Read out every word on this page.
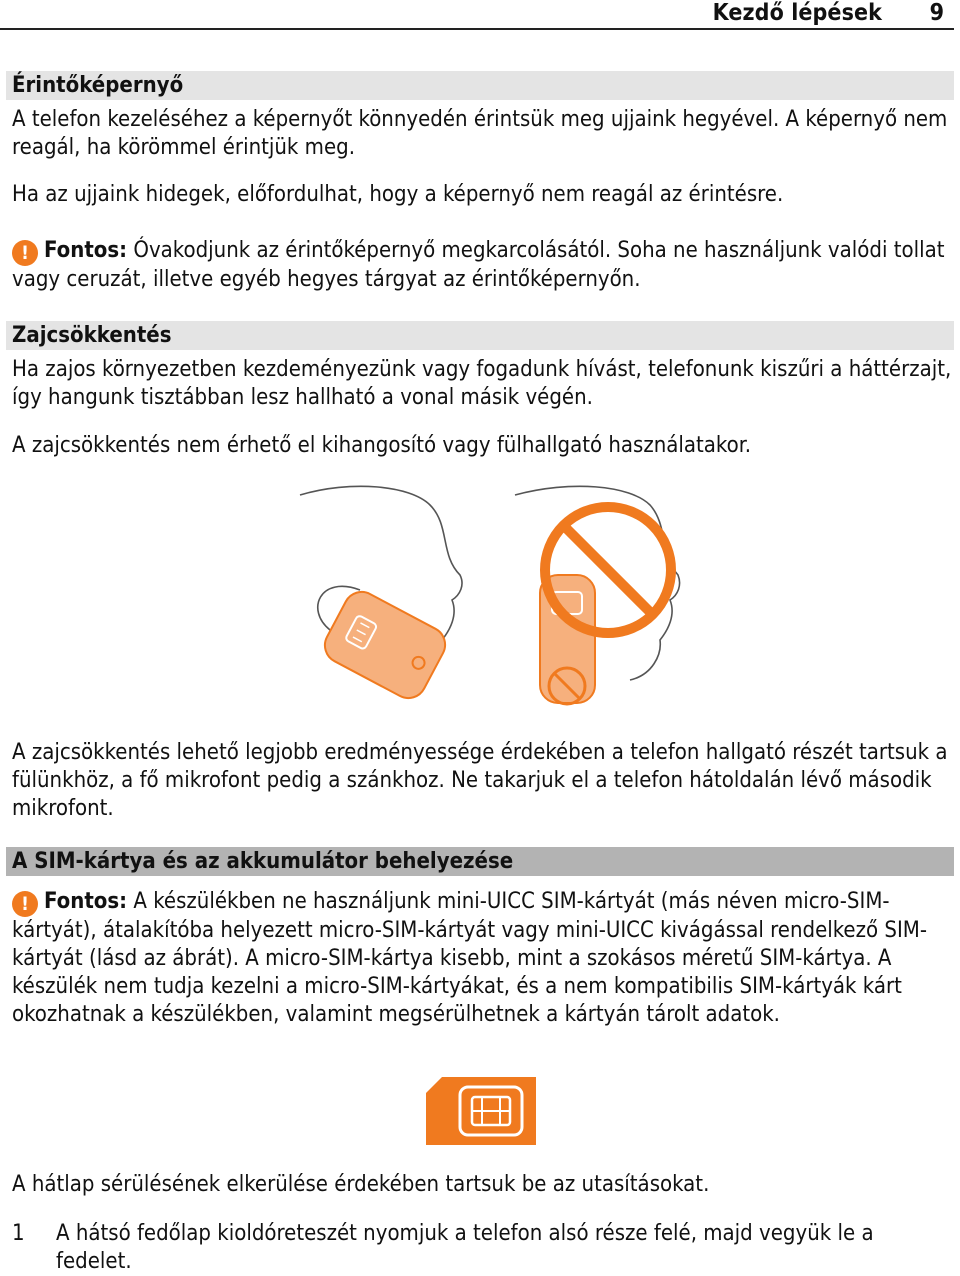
Kezdő lépések 9
Érintőképernyő

A telefon kezeléséhez a képernyőt könnyedén érintsük meg ujjaink hegyével. A képernyő nem reagál, ha körömmel érintjük meg.

Ha az ujjaink hidegek, előfordulhat, hogy a képernyő nem reagál az érintésre.

! Fontos: Óvakodjunk az érintőképernyő megkarcolásától. Soha ne használjunk valódi tollat vagy ceruzát, illetve egyéb hegyes tárgyat az érintőképernyőn.
Zajcsökkentés

Ha zajos környezetben kezdeményezünk vagy fogadunk hívást, telefonunk kiszűri a háttérzajt, így hangunk tisztábban lesz hallható a vonal másik végén.

A zajcsökkentés nem érhető el kihangosító vagy fülhallgató használatakor.

A zajcsökkentés lehető legjobb eredményessége érdekében a telefon hallgató részét tartsuk a fülünkhöz, a fő mikrofont pedig a szánkhoz. Ne takarjuk el a telefon hátoldalán lévő második mikrofont.

A SIM-kártya és az akkumulátor behelyezése
! Fontos: A készülékben ne használjunk mini-UICC SIM-kártyát (más néven micro-SIM-kártyát), átalakítóba helyezett micro-SIM-kártyát vagy mini-UICC kivágással rendelkező SIM-kártyát (lásd az ábrát). A micro-SIM-kártya kisebb, mint a szokásos méretű SIM-kártya. A készülék nem tudja kezelni a micro-SIM-kártyákat, és a nem kompatibilis SIM-kártyák kárt okozhatnak a készülékben, valamint megsérülhetnek a kártyán tárolt adatok.

A hátlap sérülésének elkerülése érdekében tartsuk be az utasításokat.

1 A hátsó fedőlap kioldóreteszét nyomjuk a telefon alsó része felé, majd vegyük le a fedelet.
